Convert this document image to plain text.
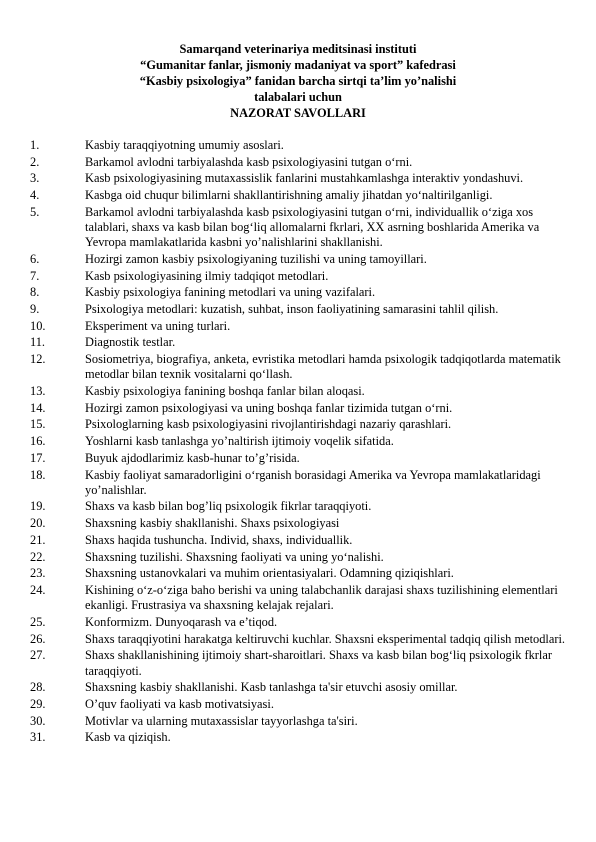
Samarqand veterinariya meditsinasi instituti
“Gumanitar fanlar, jismoniy madaniyat va sport” kafedrasi
“Kasbiy psixologiya” fanidan barcha sirtqi ta’lim yo’nalishi
talabalari uchun
NAZORAT SAVOLLARI
1.	Kasbiy taraqqiyotning umumiy asoslari.
2.	Barkamol avlodni tarbiyalashda kasb psixologiyasini tutgan o‘rni.
3.	Kasb psixologiyasining mutaxassislik fanlarini mustahkamlashga interaktiv yondashuvi.
4.	Kasbga oid chuqur bilimlarni shakllantirishning amaliy jihatdan yo‘naltirilganligi.
5.	Barkamol avlodni tarbiyalashda kasb psixologiyasini tutgan o‘rni, individuallik o‘ziga xos talablari, shaxs va kasb bilan bog‘liq allomalarni fkrlari, XX asrning boshlarida Amerika va Yevropa mamlakatlarida kasbni yo’nalishlarini shakllanishi.
6.	Hozirgi zamon kasbiy psixologiyaning tuzilishi va uning tamoyillari.
7.	Kasb psixologiyasining ilmiy tadqiqot metodlari.
8.	Kasbiy psixologiya fanining metodlari va uning vazifalari.
9.	Psixologiya metodlari: kuzatish, suhbat, inson faoliyatining samarasini tahlil qilish.
10.	Eksperiment va uning turlari.
11.	Diagnostik testlar.
12.	Sosiometriya, biografiya, anketa, evristika metodlari hamda psixologik tadqiqotlarda matematik metodlar bilan texnik vositalarni qo‘llash.
13.	Kasbiy psixologiya fanining boshqa fanlar bilan aloqasi.
14.	Hozirgi zamon psixologiyasi va uning boshqa fanlar tizimida tutgan o‘rni.
15.	Psixologlarning kasb psixologiyasini rivojlantirishdagi nazariy qarashlari.
16.	Yoshlarni kasb tanlashga yo’naltirish ijtimoiy voqelik sifatida.
17.	Buyuk ajdodlarimiz kasb-hunar to’g’risida.
18.	Kasbiy faoliyat samaradorligini o‘rganish borasidagi Amerika va Yevropa mamlakatlaridagi yo’nalishlar.
19.	Shaxs va kasb bilan bog’liq psixologik fikrlar taraqqiyoti.
20.	Shaxsning kasbiy shakllanishi. Shaxs psixologiyasi
21.	Shaxs haqida tushuncha. Individ, shaxs, individuallik.
22.	Shaxsning tuzilishi. Shaxsning faoliyati va uning yo‘nalishi.
23.	Shaxsning ustanovkalari va muhim orientasiyalari. Odamning qiziqishlari.
24.	Kishining o‘z-o‘ziga baho berishi va uning talabchanlik darajasi shaxs tuzilishining elementlari ekanligi. Frustrasiya va shaxsning kelajak rejalari.
25.	Konformizm. Dunyoqarash va e’tiqod.
26.	Shaxs taraqqiyotini harakatga keltiruvchi kuchlar. Shaxsni eksperimental tadqiq qilish metodlari.
27.	Shaxs shakllanishining ijtimoiy shart-sharoitlari. Shaxs va kasb bilan bog‘liq psixologik fkrlar taraqqiyoti.
28.	Shaxsning kasbiy shakllanishi. Kasb tanlashga ta'sir etuvchi asosiy omillar.
29.	O’quv faoliyati va kasb motivatsiyasi.
30.	Motivlar va ularning mutaxassislar tayyorlashga ta'siri.
31.	Kasb va qiziqish.
